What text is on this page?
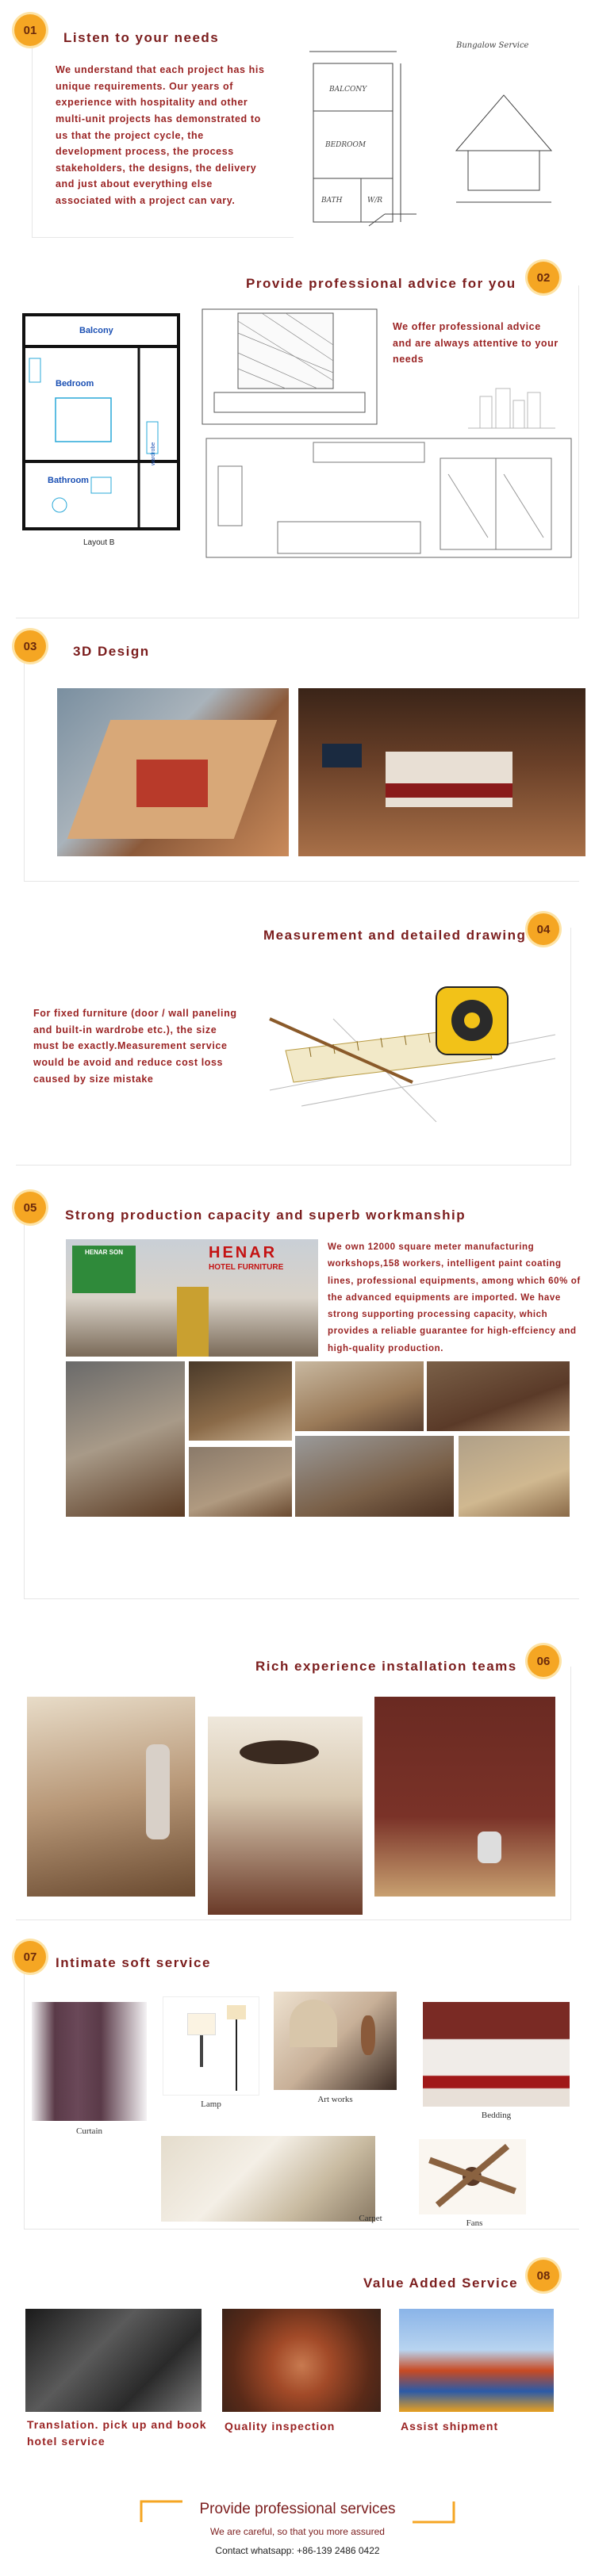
01	Listen to your needs
We understand that each project has his unique requirements. Our years of experience with hospitality and other multi-unit projects has demonstrated to us that the project cycle, the development process, the process stakeholders, the designs, the delivery and just about everything else associated with a project can vary.
Bungalow Service
BALCONY
BEDROOM
BATH	W/R
02
Provide professional advice for you
Balcony
Bedroom
Bathroom
wardrobe
Layout B
We offer professional advice and are always attentive to your needs
03	3D Design
04
Measurement and detailed drawing
For fixed furniture (door / wall paneling and built-in wardrobe etc.), the size must be exactly.Measurement service would be avoid and reduce cost loss caused by size mistake
05	Strong production capacity and superb workmanship
HENAR SON	HENAR
HOTEL FURNITURE
We own 12000 square meter manufacturing workshops,158 workers, intelligent paint coating lines, professional equipments, among which 60% of the advanced equipments are imported. We have strong supporting processing capacity, which provides a reliable guarantee for high-effciency and high-quality production.
06
Rich experience installation teams
07	Intimate soft service
Curtain
Lamp	Art works
Bedding
Carpet	Fans
08
Value Added Service
Translation. pick up and book hotel service
Quality inspection	Assist shipment
Provide professional services
We are careful, so that you more assured
Contact whatsapp: +86-139 2486 0422
